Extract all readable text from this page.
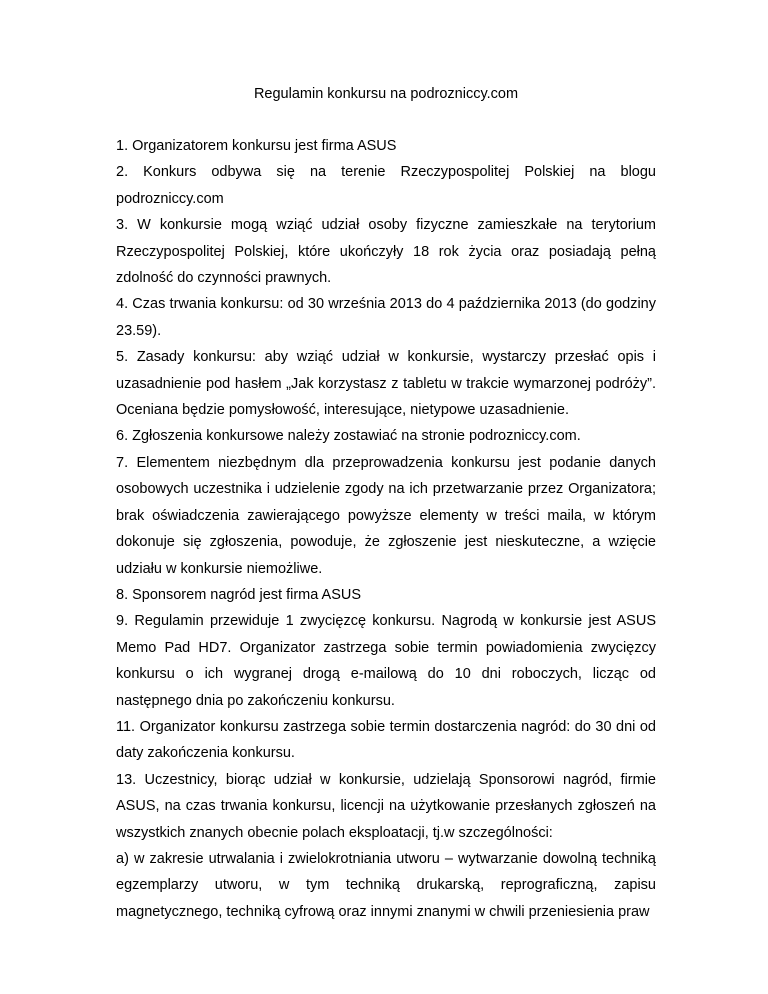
Regulamin konkursu na podrozniccy.com

1. Organizatorem konkursu jest firma ASUS

2. Konkurs odbywa się na terenie Rzeczypospolitej Polskiej na blogu podrozniccy.com

3. W konkursie mogą wziąć udział osoby fizyczne zamieszkałe na terytorium Rzeczypospolitej Polskiej, które ukończyły 18 rok życia oraz posiadają pełną zdolność do czynności prawnych.

4. Czas trwania konkursu: od 30 września 2013 do 4 października 2013 (do godziny 23.59).

5. Zasady konkursu: aby wziąć udział w konkursie, wystarczy przesłać opis i uzasadnienie pod hasłem „Jak korzystasz z tabletu w trakcie wymarzonej podróży”. Oceniana będzie pomysłowość, interesujące, nietypowe uzasadnienie.

6. Zgłoszenia konkursowe należy zostawiać na stronie podrozniccy.com.

7. Elementem niezbędnym dla przeprowadzenia konkursu jest podanie danych osobowych uczestnika i udzielenie zgody na ich przetwarzanie przez Organizatora; brak oświadczenia zawierającego powyższe elementy w treści maila, w którym dokonuje się zgłoszenia, powoduje, że zgłoszenie jest nieskuteczne, a wzięcie udziału w konkursie niemożliwe.

8. Sponsorem nagród jest firma ASUS

9. Regulamin przewiduje 1 zwycięzcę konkursu. Nagrodą w konkursie jest ASUS Memo Pad HD7. Organizator zastrzega sobie termin powiadomienia zwycięzcy konkursu o ich wygranej drogą e-mailową do 10 dni roboczych, licząc od następnego dnia po zakończeniu konkursu.

11. Organizator konkursu zastrzega sobie termin dostarczenia nagród: do 30 dni od daty zakończenia konkursu.

13. Uczestnicy, biorąc udział w konkursie, udzielają Sponsorowi nagród, firmie ASUS, na czas trwania konkursu, licencji na użytkowanie przesłanych zgłoszeń na wszystkich znanych obecnie polach eksploatacji, tj.w szczególności:

a) w zakresie utrwalania i zwielokrotniania utworu – wytwarzanie dowolną techniką egzemplarzy utworu, w tym techniką drukarską, reprograficzną, zapisu magnetycznego, techniką cyfrową oraz innymi znanymi w chwili przeniesienia praw
